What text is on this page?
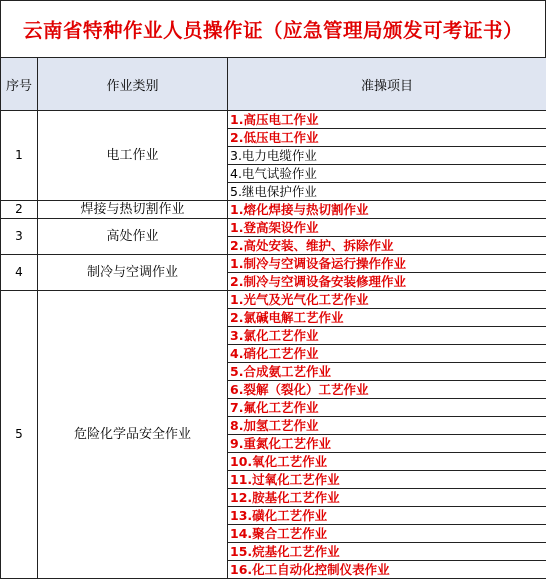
云南省特种作业人员操作证（应急管理局颁发可考证书）
序号	作业类别	准操项目
1	电工作业	1.高压电工作业
		2.低压电工作业
		3.电力电缆作业
		4.电气试验作业
		5.继电保护作业
2	焊接与热切割作业	1.熔化焊接与热切割作业
3	高处作业	1.登高架设作业
		2.高处安装、维护、拆除作业
4	制冷与空调作业	1.制冷与空调设备运行操作作业
		2.制冷与空调设备安装修理作业
5	危险化学品安全作业	1.光气及光气化工艺作业
		2.氯碱电解工艺作业
		3.氯化工艺作业
		4.硝化工艺作业
		5.合成氨工艺作业
		6.裂解（裂化）工艺作业
		7.氟化工艺作业
		8.加氢工艺作业
		9.重氮化工艺作业
		10.氧化工艺作业
		11.过氧化工艺作业
		12.胺基化工艺作业
		13.磺化工艺作业
		14.聚合工艺作业
		15.烷基化工艺作业
		16.化工自动化控制仪表作业
